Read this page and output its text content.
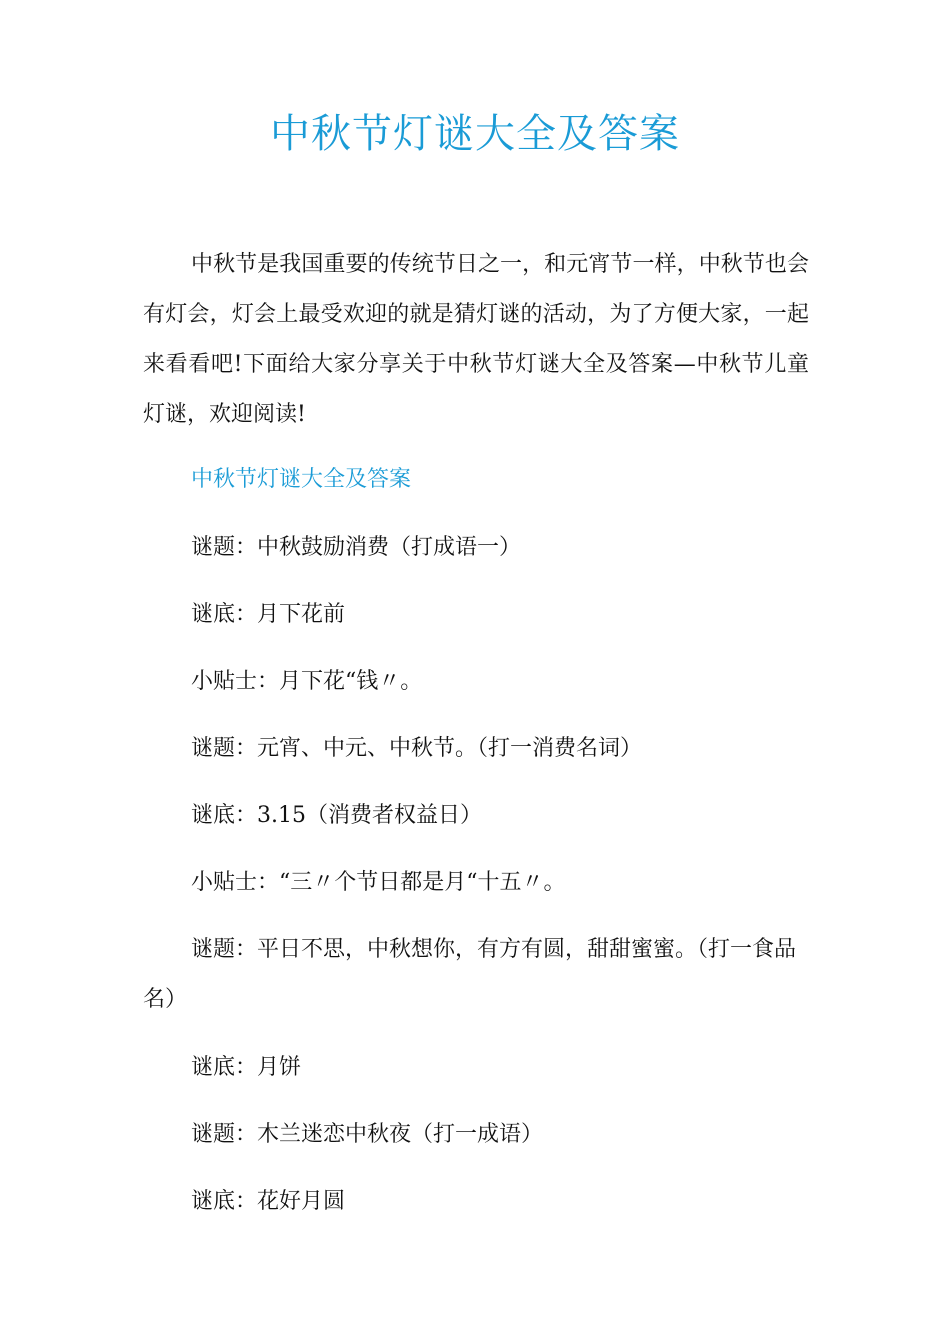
中秋节灯谜大全及答案

中秋节是我国重要的传统节日之一，和元宵节一样，中秋节也会有灯会，灯会上最受欢迎的就是猜灯谜的活动，为了方便大家，一起来看看吧!下面给大家分享关于中秋节灯谜大全及答案—中秋节儿童灯谜，欢迎阅读!

中秋节灯谜大全及答案

谜题：中秋鼓励消费（打成语一）

谜底：月下花前

小贴士：月下花“钱〃。

谜题：元宵、中元、中秋节。（打一消费名词）

谜底：3.15（消费者权益日）

小贴士：“三〃个节日都是月“十五〃。

谜题：平日不思，中秋想你，有方有圆，甜甜蜜蜜。（打一食品名）

谜底：月饼

谜题：木兰迷恋中秋夜（打一成语）

谜底：花好月圆
